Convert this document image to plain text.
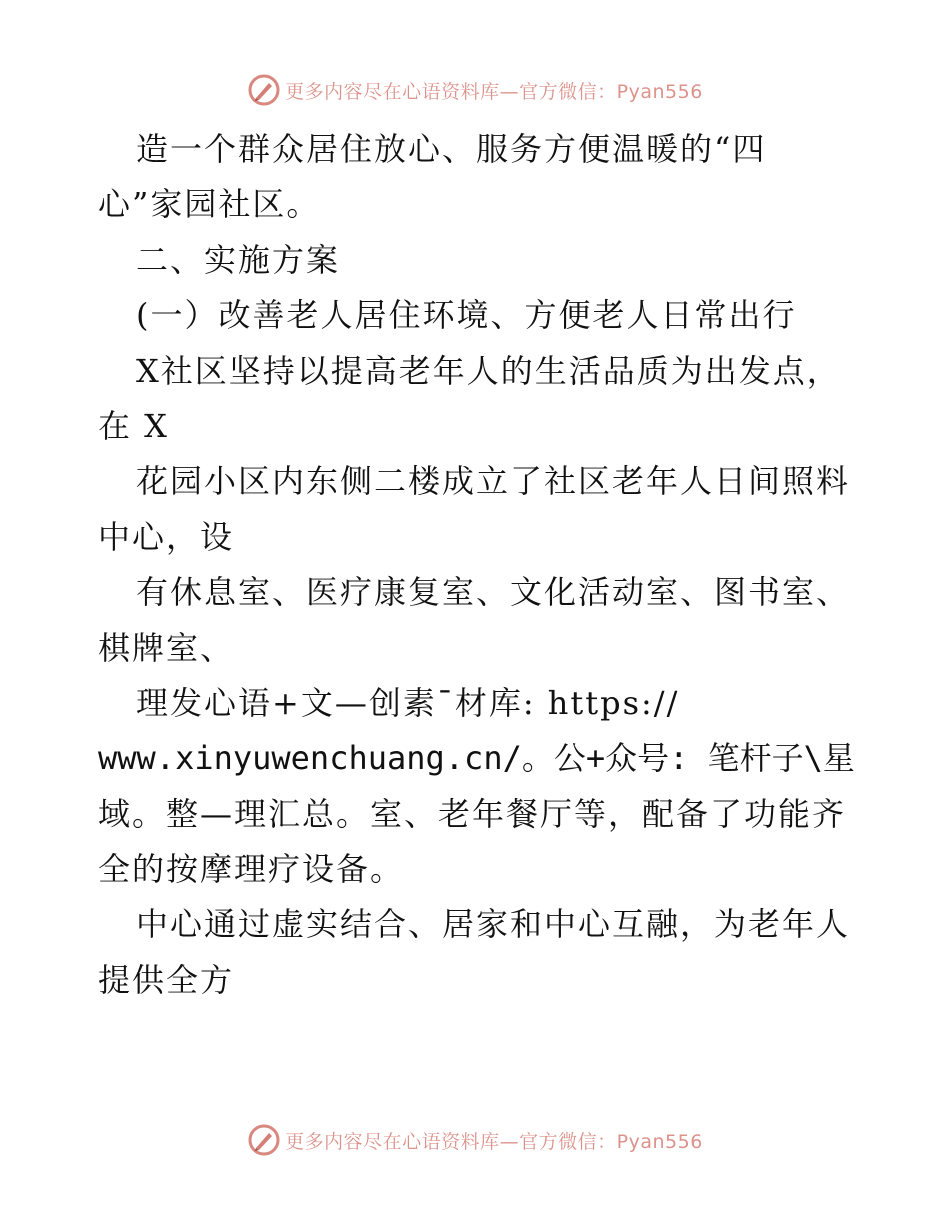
更多内容尽在心语资料库—官方微信：Pyan556
造一个群众居住放心、服务方便温暖的“四
心”家园社区。
二、实施方案
(一）改善老人居住环境、方便老人日常出行
X社区坚持以提高老年人的生活品质为出发点，
在 X
花园小区内东侧二楼成立了社区老年人日间照料
中心，设
有休息室、医疗康复室、文化活动室、图书室、
棋牌室、
理发心语+文—创素¯材库: https://
www.xinyuwenchuang.cn/。公+众号: 笔杆子\星
域。整—理汇总。室、老年餐厅等，配备了功能齐
全的按摩理疗设备。
中心通过虚实结合、居家和中心互融，为老年人
提供全方
更多内容尽在心语资料库—官方微信：Pyan556
